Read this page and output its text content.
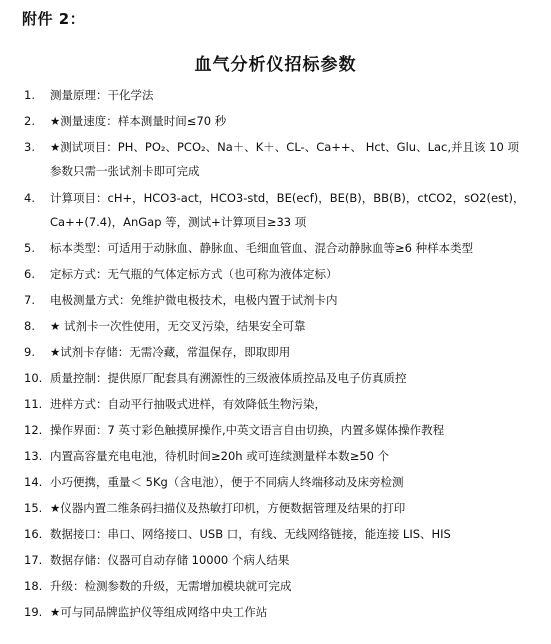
附件 2：
血气分析仪招标参数
1. 测量原理：干化学法
2. ★测量速度：样本测量时间≤70 秒
3. ★测试项目：PH、PO₂、PCO₂、Na＋、K＋、CL-、Ca++、 Hct、Glu、Lac,并且该 10 项
参数只需一张试剂卡即可完成
4. 计算项目：cH+，HCO3-act，HCO3-std，BE(ecf)，BE(B)，BB(B)，ctCO2，sO2(est)，
Ca++(7.4)，AnGap 等，测试+计算项目≥33 项
5. 标本类型：可适用于动脉血、静脉血、毛细血管血、混合动静脉血等≥6 种样本类型
6. 定标方式：无气瓶的气体定标方式（也可称为液体定标）
7. 电极测量方式：免维护微电极技术，电极内置于试剂卡内
8. ★ 试剂卡一次性使用，无交叉污染，结果安全可靠
9. ★试剂卡存储：无需冷藏，常温保存，即取即用
10. 质量控制：提供原厂配套具有溯源性的三级液体质控品及电子仿真质控
11. 进样方式：自动平行抽吸式进样，有效降低生物污染，
12. 操作界面：7 英寸彩色触摸屏操作,中英文语言自由切换，内置多媒体操作教程
13. 内置高容量充电电池，待机时间≥20h 或可连续测量样本数≥50 个
14. 小巧便携，重量＜ 5Kg（含电池），便于不同病人终端移动及床旁检测
15. ★仪器内置二维条码扫描仪及热敏打印机，方便数据管理及结果的打印
16. 数据接口：串口、网络接口、USB 口，有线、无线网络链接，能连接 LIS、HIS
17. 数据存储：仪器可自动存储 10000 个病人结果
18. 升级：检测参数的升级，无需增加模块就可完成
19. ★可与同品牌监护仪等组成网络中央工作站
